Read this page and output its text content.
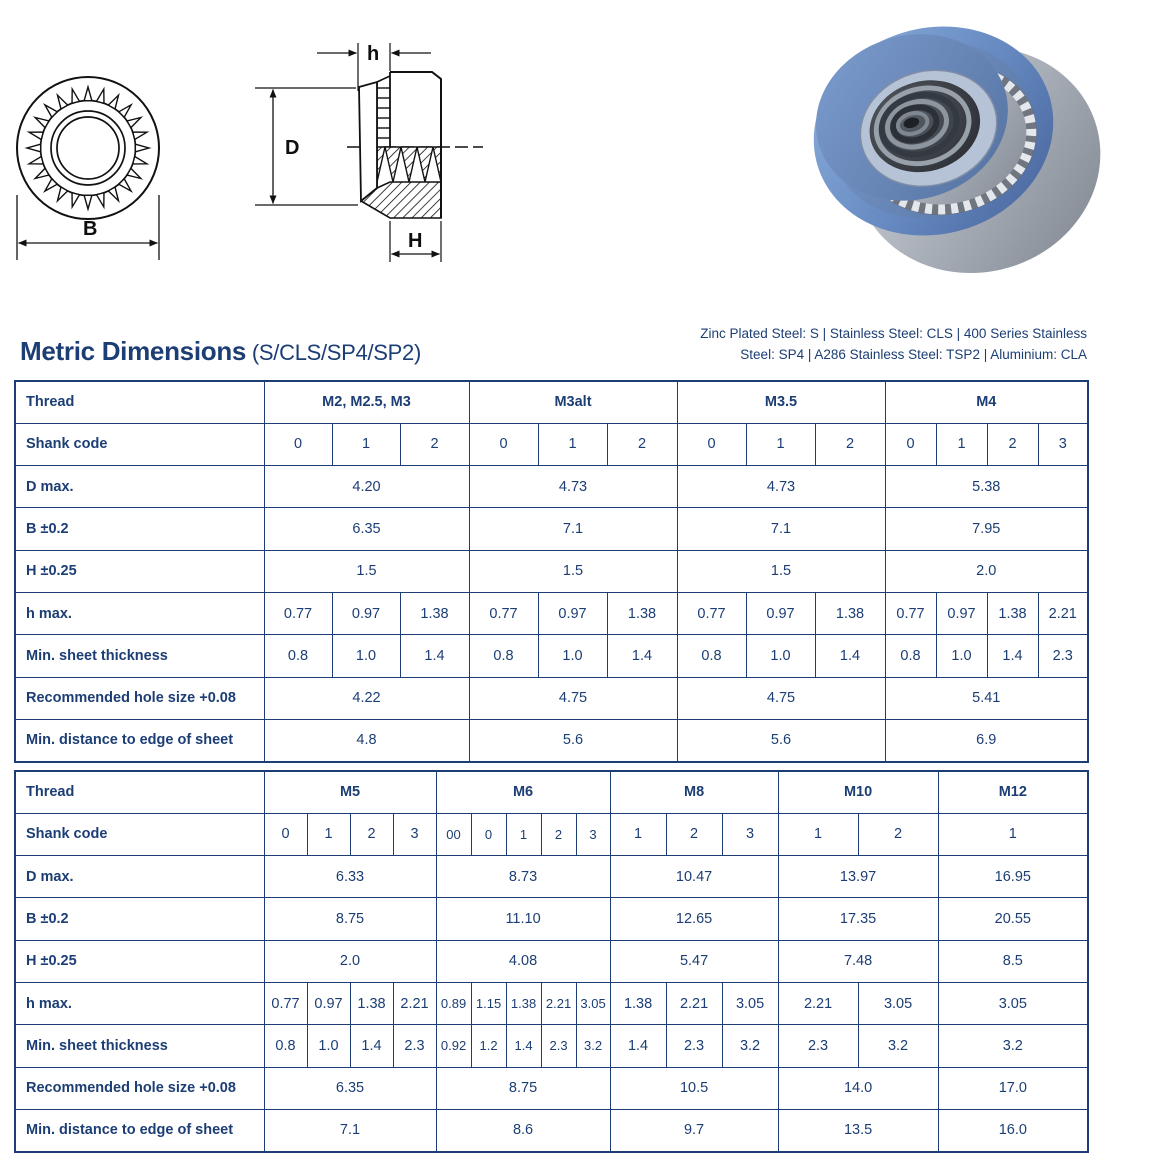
B
h
D
H
Metric Dimensions (S/CLS/SP4/SP2)
Zinc Plated Steel: S | Stainless Steel: CLS | 400 Series Stainless
Steel: SP4 | A286 Stainless Steel: TSP2 | Aluminium: CLA
Thread	M2, M2.5, M3			M3alt			M3.5			M4			
Shank code	0	1	2	0	1	2	0	1	2	0	1	2	3
D max.	4.20			4.73			4.73			5.38			
B ±0.2	6.35			7.1			7.1			7.95			
H ±0.25	1.5			1.5			1.5			2.0			
h max.	0.77	0.97	1.38	0.77	0.97	1.38	0.77	0.97	1.38	0.77	0.97	1.38	2.21
Min. sheet thickness	0.8	1.0	1.4	0.8	1.0	1.4	0.8	1.0	1.4	0.8	1.0	1.4	2.3
Recommended hole size +0.08	4.22			4.75			4.75			5.41			
Min. distance to edge of sheet	4.8			5.6			5.6			6.9			
Thread	M5				M6					M8			M10		M12
Shank code	0	1	2	3	00	0	1	2	3	1	2	3	1	2	1
D max.	6.33				8.73					10.47			13.97		16.95
B ±0.2	8.75				11.10					12.65			17.35		20.55
H ±0.25	2.0				4.08					5.47			7.48		8.5
h max.	0.77	0.97	1.38	2.21	0.89	1.15	1.38	2.21	3.05	1.38	2.21	3.05	2.21	3.05	3.05
Min. sheet thickness	0.8	1.0	1.4	2.3	0.92	1.2	1.4	2.3	3.2	1.4	2.3	3.2	2.3	3.2	3.2
Recommended hole size +0.08	6.35				8.75					10.5			14.0		17.0
Min. distance to edge of sheet	7.1				8.6					9.7			13.5		16.0
